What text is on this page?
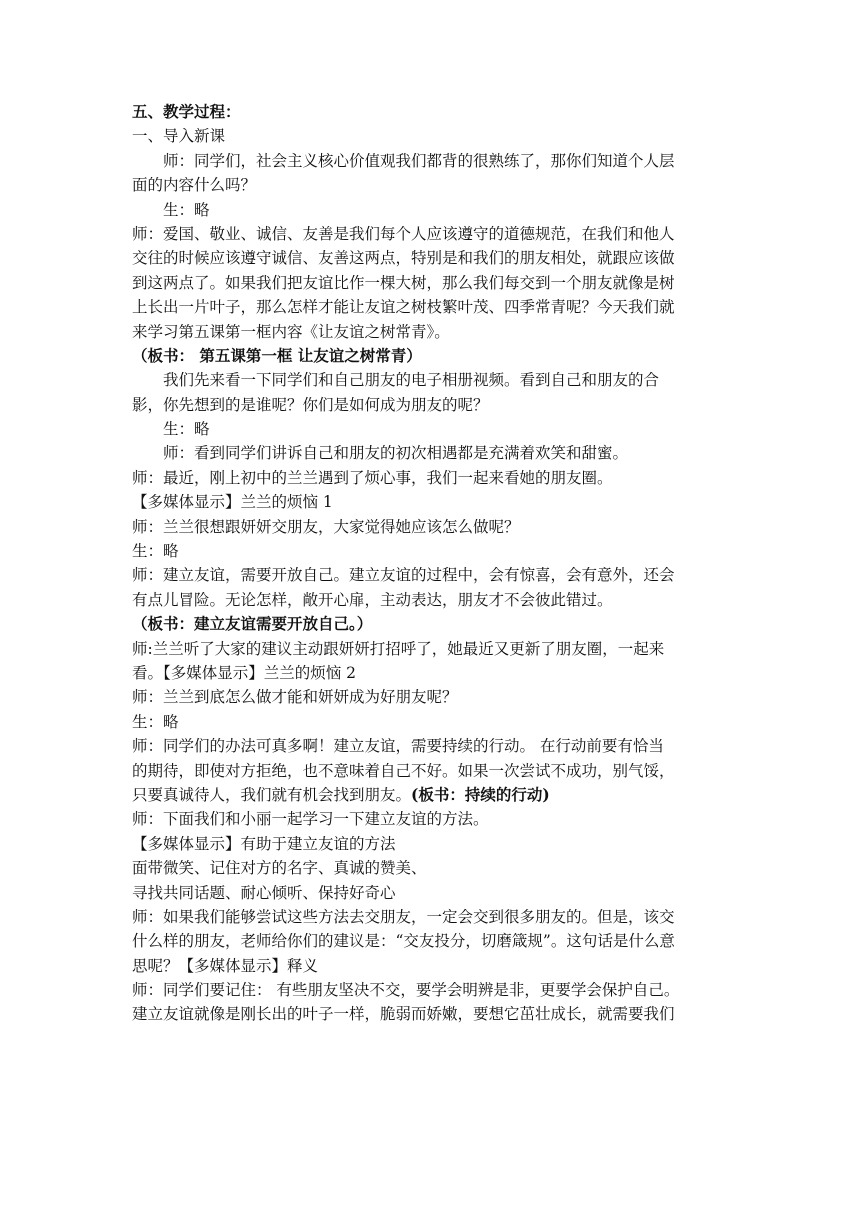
五、教学过程：

一、导入新课

师：同学们，社会主义核心价值观我们都背的很熟练了，那你们知道个人层

面的内容什么吗？

生：略

师：爱国、敬业、诚信、友善是我们每个人应该遵守的道德规范，在我们和他人

交往的时候应该遵守诚信、友善这两点，特别是和我们的朋友相处，就跟应该做

到这两点了。如果我们把友谊比作一棵大树，那么我们每交到一个朋友就像是树

上长出一片叶子，那么怎样才能让友谊之树枝繁叶茂、四季常青呢？今天我们就

来学习第五课第一框内容《让友谊之树常青》。

（板书： 第五课第一框 让友谊之树常青）

我们先来看一下同学们和自己朋友的电子相册视频。看到自己和朋友的合

影，你先想到的是谁呢？你们是如何成为朋友的呢？

生：略

师：看到同学们讲诉自己和朋友的初次相遇都是充满着欢笑和甜蜜。

师：最近，刚上初中的兰兰遇到了烦心事，我们一起来看她的朋友圈。

【多媒体显示】兰兰的烦恼 1

师：兰兰很想跟妍妍交朋友，大家觉得她应该怎么做呢？

生：略

师：建立友谊，需要开放自己。建立友谊的过程中，会有惊喜，会有意外，还会

有点儿冒险。无论怎样，敞开心扉，主动表达，朋友才不会彼此错过。

（板书：建立友谊需要开放自己。）

师:兰兰听了大家的建议主动跟妍妍打招呼了，她最近又更新了朋友圈，一起来

看。【多媒体显示】兰兰的烦恼 2

师：兰兰到底怎么做才能和妍妍成为好朋友呢？

生：略

师：同学们的办法可真多啊！建立友谊，需要持续的行动。 在行动前要有恰当

的期待，即使对方拒绝，也不意味着自己不好。如果一次尝试不成功，别气馁，

只要真诚待人，我们就有机会找到朋友。(板书：持续的行动)

师：下面我们和小丽一起学习一下建立友谊的方法。

【多媒体显示】有助于建立友谊的方法

面带微笑、记住对方的名字、真诚的赞美、

寻找共同话题、耐心倾听、保持好奇心

师：如果我们能够尝试这些方法去交朋友，一定会交到很多朋友的。但是，该交

什么样的朋友，老师给你们的建议是：“交友投分，切磨箴规”。这句话是什么意

思呢？【多媒体显示】释义

师：同学们要记住： 有些朋友坚决不交，要学会明辨是非，更要学会保护自己。

建立友谊就像是刚长出的叶子一样，脆弱而娇嫩，要想它茁壮成长，就需要我们
